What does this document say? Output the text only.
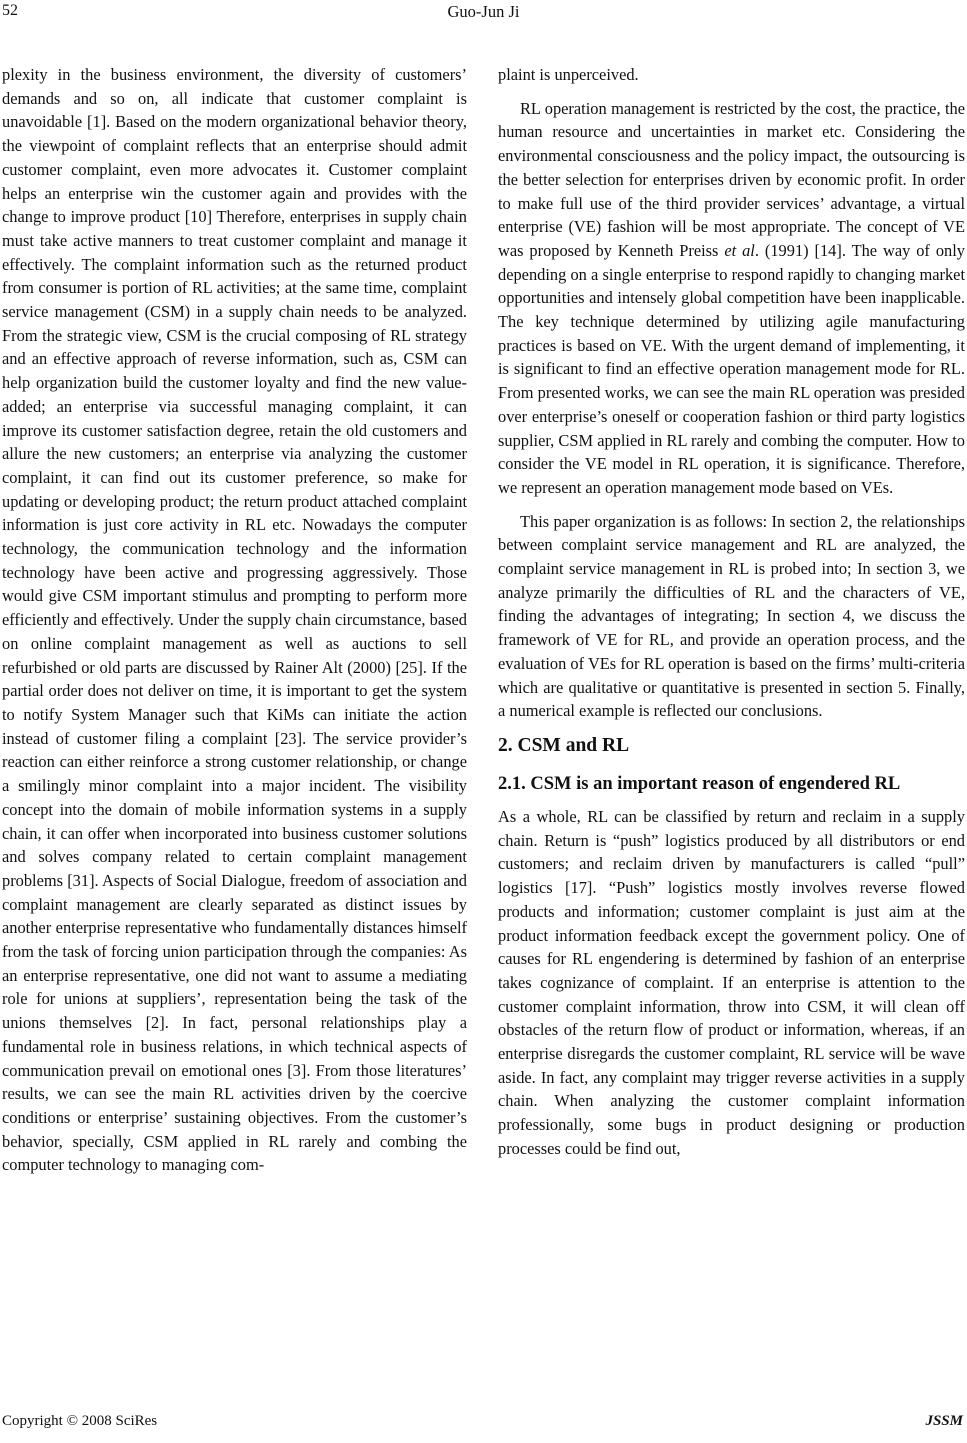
52	Guo-Jun Ji

plexity in the business environment, the diversity of customers’ demands and so on, all indicate that customer complaint is unavoidable [1]. Based on the modern organizational behavior theory, the viewpoint of complaint reflects that an enterprise should admit customer complaint, even more advocates it. Customer complaint helps an enterprise win the customer again and provides with the change to improve product [10] Therefore, enterprises in supply chain must take active manners to treat customer complaint and manage it effectively. The complaint information such as the returned product from consumer is portion of RL activities; at the same time, complaint service management (CSM) in a supply chain needs to be analyzed. From the strategic view, CSM is the crucial composing of RL strategy and an effective approach of reverse information, such as, CSM can help organization build the customer loyalty and find the new value-added; an enterprise via successful managing complaint, it can improve its customer satisfaction degree, retain the old customers and allure the new customers; an enterprise via analyzing the customer complaint, it can find out its customer preference, so make for updating or developing product; the return product attached complaint information is just core activity in RL etc. Nowadays the computer technology, the communication technology and the information technology have been active and progressing aggressively. Those would give CSM important stimulus and prompting to perform more efficiently and effectively. Under the supply chain circumstance, based on online complaint management as well as auctions to sell refurbished or old parts are discussed by Rainer Alt (2000) [25]. If the partial order does not deliver on time, it is important to get the system to notify System Manager such that KiMs can initiate the action instead of customer filing a complaint [23]. The service provider’s reaction can either reinforce a strong customer relationship, or change a smilingly minor complaint into a major incident. The visibility concept into the domain of mobile information systems in a supply chain, it can offer when incorporated into business customer solutions and solves company related to certain complaint management problems [31]. Aspects of Social Dialogue, freedom of association and complaint management are clearly separated as distinct issues by another enterprise representative who fundamentally distances himself from the task of forcing union participation through the companies: As an enterprise representative, one did not want to assume a mediating role for unions at suppliers’, representation being the task of the unions themselves [2]. In fact, personal relationships play a fundamental role in business relations, in which technical aspects of communication prevail on emotional ones [3]. From those literatures’ results, we can see the main RL activities driven by the coercive conditions or enterprise’ sustaining objectives. From the customer’s behavior, specially, CSM applied in RL rarely and combing the computer technology to managing com-

plaint is unperceived.

RL operation management is restricted by the cost, the practice, the human resource and uncertainties in market etc. Considering the environmental consciousness and the policy impact, the outsourcing is the better selection for enterprises driven by economic profit. In order to make full use of the third provider services’ advantage, a virtual enterprise (VE) fashion will be most appropriate. The concept of VE was proposed by Kenneth Preiss et al. (1991) [14]. The way of only depending on a single enterprise to respond rapidly to changing market opportunities and intensely global competition have been inapplicable. The key technique determined by utilizing agile manufacturing practices is based on VE. With the urgent demand of implementing, it is significant to find an effective operation management mode for RL. From presented works, we can see the main RL operation was presided over enterprise’s oneself or cooperation fashion or third party logistics supplier, CSM applied in RL rarely and combing the computer. How to consider the VE model in RL operation, it is significance. Therefore, we represent an operation management mode based on VEs.

This paper organization is as follows: In section 2, the relationships between complaint service management and RL are analyzed, the complaint service management in RL is probed into; In section 3, we analyze primarily the difficulties of RL and the characters of VE, finding the advantages of integrating; In section 4, we discuss the framework of VE for RL, and provide an operation process, and the evaluation of VEs for RL operation is based on the firms’ multi-criteria which are qualitative or quantitative is presented in section 5. Finally, a numerical example is reflected our conclusions.

2. CSM and RL
2.1. CSM is an important reason of engendered RL

As a whole, RL can be classified by return and reclaim in a supply chain. Return is “push” logistics produced by all distributors or end customers; and reclaim driven by manufacturers is called “pull” logistics [17]. “Push” logistics mostly involves reverse flowed products and information; customer complaint is just aim at the product information feedback except the government policy. One of causes for RL engendering is determined by fashion of an enterprise takes cognizance of complaint. If an enterprise is attention to the customer complaint information, throw into CSM, it will clean off obstacles of the return flow of product or information, whereas, if an enterprise disregards the customer complaint, RL service will be wave aside. In fact, any complaint may trigger reverse activities in a supply chain. When analyzing the customer complaint information professionally, some bugs in product designing or production processes could be find out,

Copyright © 2008 SciRes	JSSM
